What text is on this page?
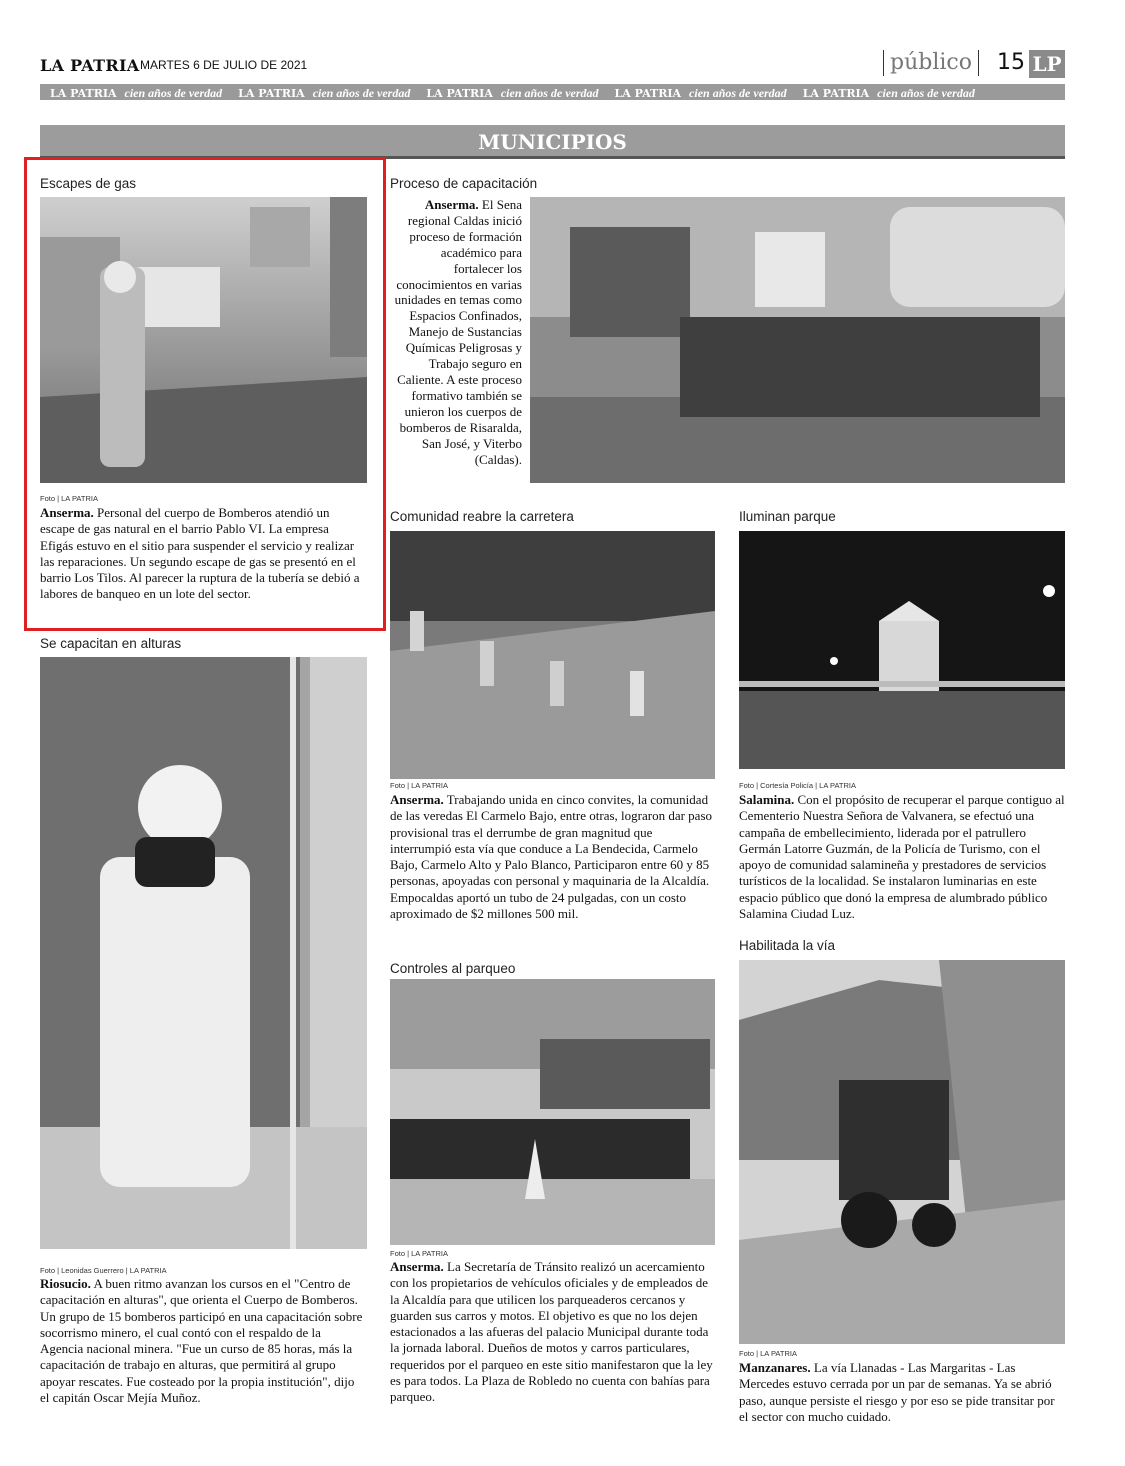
LA PATRIA MARTES 6 DE JULIO DE 2021	público	15 LP
LA PATRIA cien años de verdad LA PATRIA cien años de verdad LA PATRIA cien años de verdad LA PATRIA cien años de verdad LA PATRIA cien años de verdad
MUNICIPIOS
Escapes de gas
Foto | LA PATRIA
Anserma. Personal del cuerpo de Bomberos atendió un escape de gas natural en el barrio Pablo VI. La empresa Efigás estuvo en el sitio para suspender el servicio y realizar las reparaciones. Un segundo escape de gas se presentó en el barrio Los Tilos. Al parecer la ruptura de la tubería se debió a labores de banqueo en un lote del sector.
Proceso de capacitación
Anserma. El Sena regional Caldas inició proceso de formación académico para fortalecer los conocimientos en varias unidades en temas como Espacios Confinados, Manejo de Sustancias Químicas Peligrosas y Trabajo seguro en Caliente. A este proceso formativo también se unieron los cuerpos de bomberos de Risaralda, San José, y Viterbo (Caldas).
Se capacitan en alturas
Foto | Leonidas Guerrero | LA PATRIA
Riosucio. A buen ritmo avanzan los cursos en el "Centro de capacitación en alturas", que orienta el Cuerpo de Bomberos. Un grupo de 15 bomberos participó en una capacitación sobre socorrismo minero, el cual contó con el respaldo de la Agencia nacional minera. "Fue un curso de 85 horas, más la capacitación de trabajo en alturas, que permitirá al grupo apoyar rescates. Fue costeado por la propia institución", dijo el capitán Oscar Mejía Muñoz.
Comunidad reabre la carretera
Foto | LA PATRIA
Anserma. Trabajando unida en cinco convites, la comunidad de las veredas El Carmelo Bajo, entre otras, lograron dar paso provisional tras el derrumbe de gran magnitud que interrumpió esta vía que conduce a La Bendecida, Carmelo Bajo, Carmelo Alto y Palo Blanco, Participaron entre 60 y 85 personas, apoyadas con personal y maquinaria de la Alcaldía. Empocaldas aportó un tubo de 24 pulgadas, con un costo aproximado de $2 millones 500 mil.
Iluminan parque
Foto | Cortesía Policía | LA PATRIA
Salamina. Con el propósito de recuperar el parque contiguo al Cementerio Nuestra Señora de Valvanera, se efectuó una campaña de embellecimiento, liderada por el patrullero Germán Latorre Guzmán, de la Policía de Turismo, con el apoyo de comunidad salamineña y prestadores de servicios turísticos de la localidad. Se instalaron luminarias en este espacio público que donó la empresa de alumbrado público Salamina Ciudad Luz.
Controles al parqueo
Foto | LA PATRIA
Anserma. La Secretaría de Tránsito realizó un acercamiento con los propietarios de vehículos oficiales y de empleados de la Alcaldía para que utilicen los parqueaderos cercanos y guarden sus carros y motos. El objetivo es que no los dejen estacionados a las afueras del palacio Municipal durante toda la jornada laboral. Dueños de motos y carros particulares, requeridos por el parqueo en este sitio manifestaron que la ley es para todos. La Plaza de Robledo no cuenta con bahías para parqueo.
Habilitada la vía
Foto | LA PATRIA
Manzanares. La vía Llanadas - Las Margaritas - Las Mercedes estuvo cerrada por un par de semanas. Ya se abrió paso, aunque persiste el riesgo y por eso se pide transitar por el sector con mucho cuidado.
